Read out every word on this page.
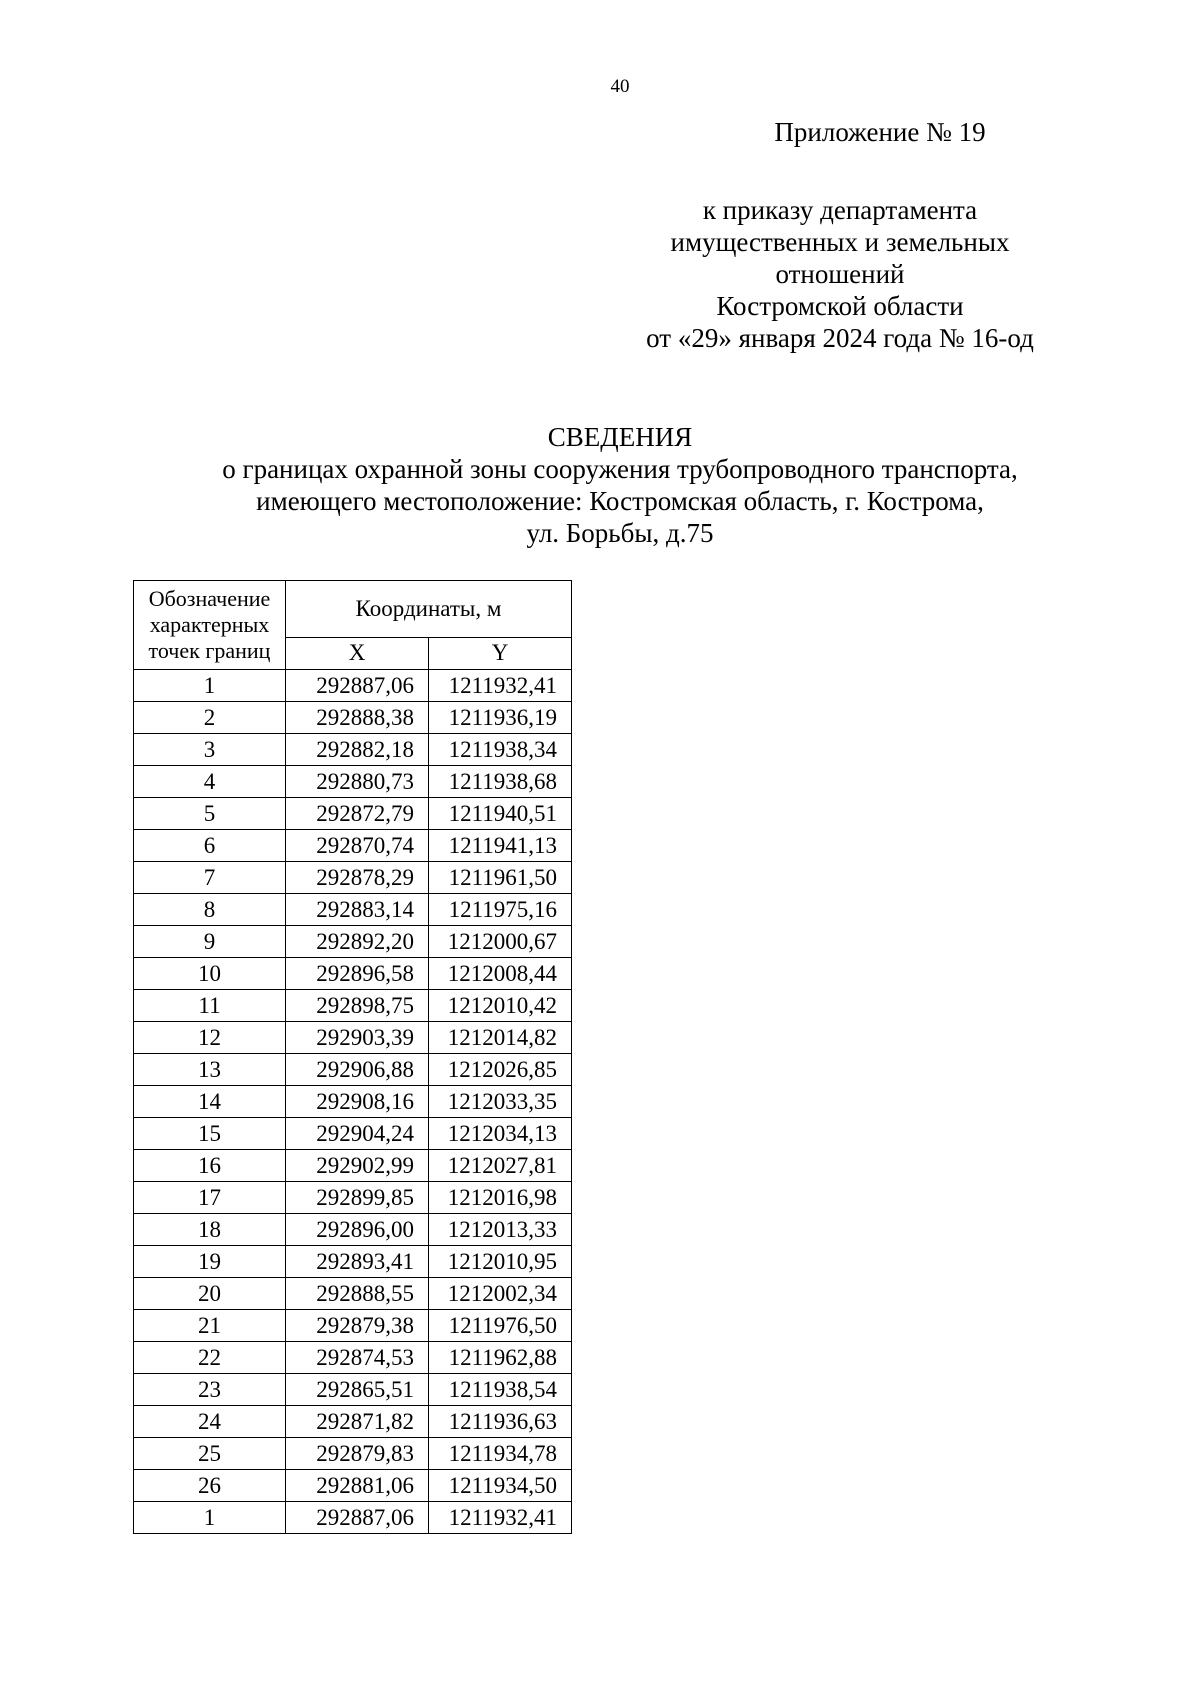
40
Приложение № 19
к приказу департамента
имущественных и земельных
отношений
Костромской области
от «29» января 2024 года № 16-од
СВЕДЕНИЯ
о границах охранной зоны сооружения трубопроводного транспорта,
имеющего местоположение: Костромская область, г. Кострома,
ул. Борьбы, д.75
Обозначение
характерных
точек границ	Координаты, м	
	X	Y
1	292887,06	1211932,41
2	292888,38	1211936,19
3	292882,18	1211938,34
4	292880,73	1211938,68
5	292872,79	1211940,51
6	292870,74	1211941,13
7	292878,29	1211961,50
8	292883,14	1211975,16
9	292892,20	1212000,67
10	292896,58	1212008,44
11	292898,75	1212010,42
12	292903,39	1212014,82
13	292906,88	1212026,85
14	292908,16	1212033,35
15	292904,24	1212034,13
16	292902,99	1212027,81
17	292899,85	1212016,98
18	292896,00	1212013,33
19	292893,41	1212010,95
20	292888,55	1212002,34
21	292879,38	1211976,50
22	292874,53	1211962,88
23	292865,51	1211938,54
24	292871,82	1211936,63
25	292879,83	1211934,78
26	292881,06	1211934,50
1	292887,06	1211932,41
